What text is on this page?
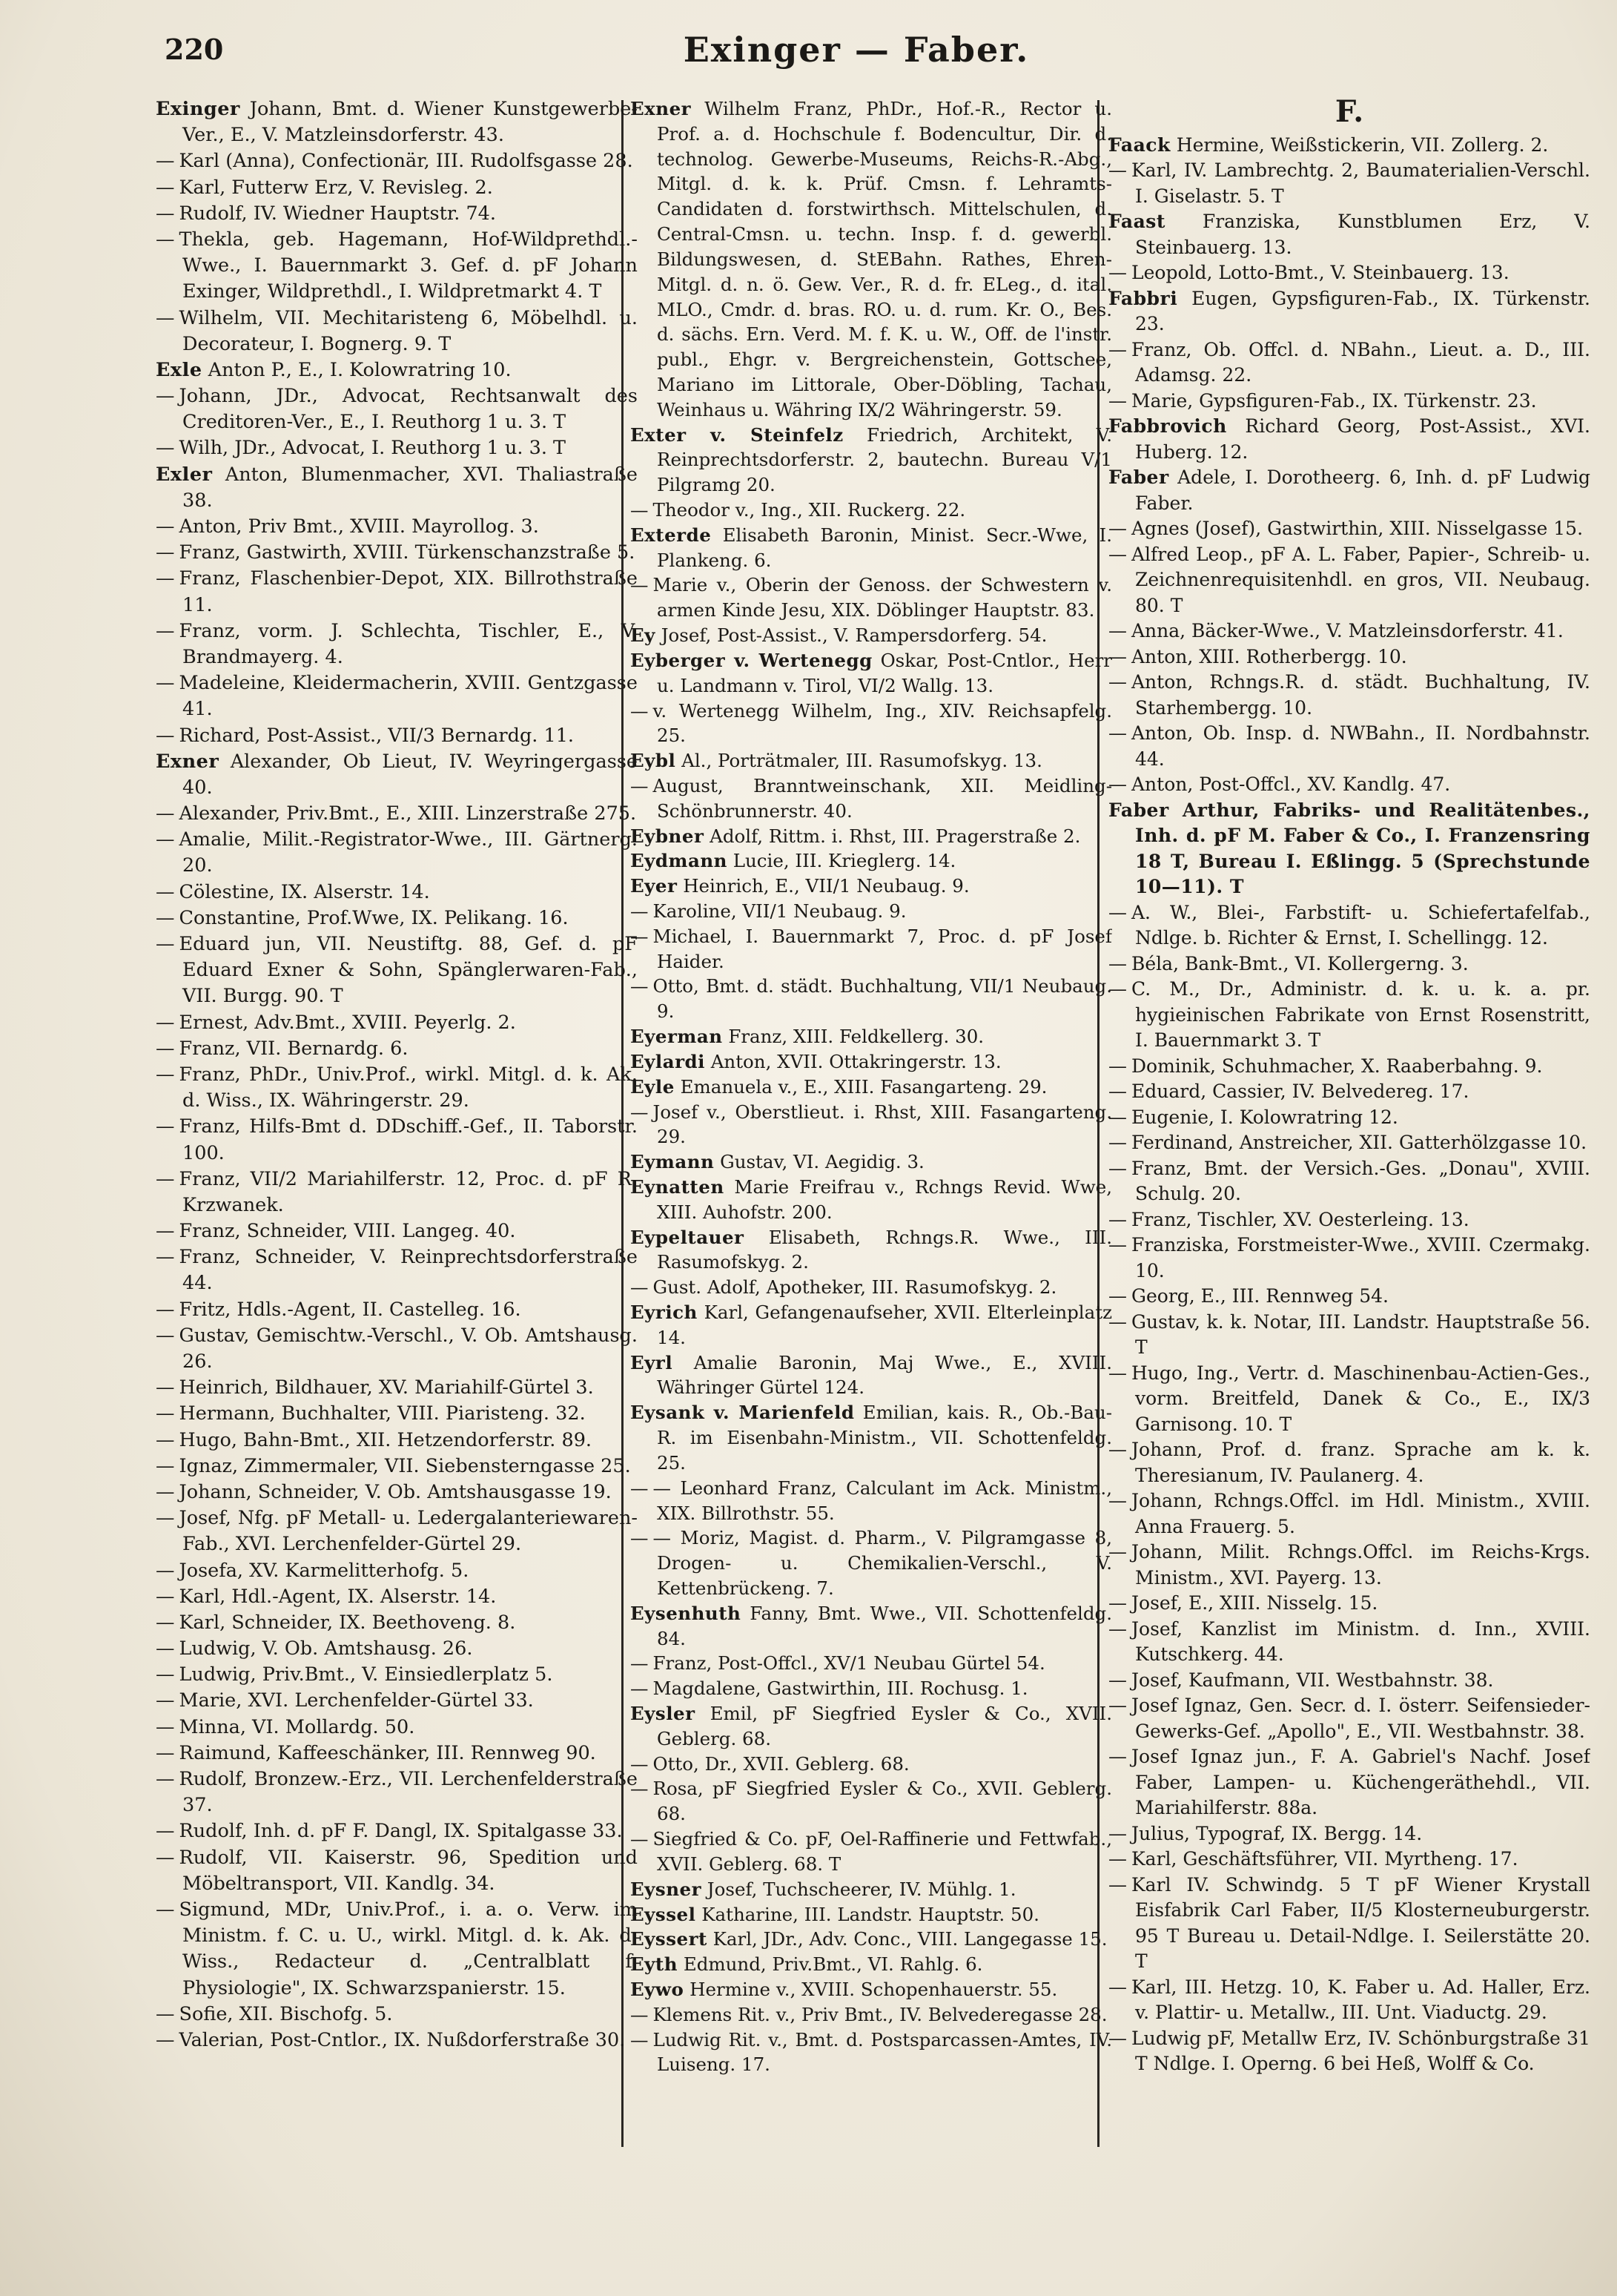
220	Exinger — Faber.

Exinger Johann, Bmt. d. Wiener Kunstgewerbe-Ver., E., V. Matzleinsdorferstr. 43.

— Karl (Anna), Confectionär, III. Rudolfsgasse 28.

— Karl, Futterw Erz, V. Revisleg. 2.

— Rudolf, IV. Wiedner Hauptstr. 74.

— Thekla, geb. Hagemann, Hof-Wildprethdl.-Wwe., I. Bauernmarkt 3. Gef. d. pF Johann Exinger, Wildprethdl., I. Wildpretmarkt 4. T

— Wilhelm, VII. Mechitaristeng 6, Möbelhdl. u. Decorateur, I. Bognerg. 9. T

Exle Anton P., E., I. Kolowratring 10.

— Johann, JDr., Advocat, Rechtsanwalt des Creditoren-Ver., E., I. Reuthorg 1 u. 3. T

— Wilh, JDr., Advocat, I. Reuthorg 1 u. 3. T

Exler Anton, Blumenmacher, XVI. Thaliastraße 38.

— Anton, Priv Bmt., XVIII. Mayrollog. 3.

— Franz, Gastwirth, XVIII. Türkenschanzstraße 5.

— Franz, Flaschenbier-Depot, XIX. Billrothstraße 11.

— Franz, vorm. J. Schlechta, Tischler, E., V. Brandmayerg. 4.

— Madeleine, Kleidermacherin, XVIII. Gentzgasse 41.

— Richard, Post-Assist., VII/3 Bernardg. 11.

Exner Alexander, Ob Lieut, IV. Weyringergasse 40.

— Alexander, Priv.Bmt., E., XIII. Linzerstraße 275.

— Amalie, Milit.-Registrator-Wwe., III. Gärtnerg. 20.

— Cölestine, IX. Alserstr. 14.

— Constantine, Prof.Wwe, IX. Pelikang. 16.

— Eduard jun, VII. Neustiftg. 88, Gef. d. pF Eduard Exner & Sohn, Spänglerwaren-Fab., VII. Burgg. 90. T

— Ernest, Adv.Bmt., XVIII. Peyerlg. 2.

— Franz, VII. Bernardg. 6.

— Franz, PhDr., Univ.Prof., wirkl. Mitgl. d. k. Ak. d. Wiss., IX. Währingerstr. 29.

— Franz, Hilfs-Bmt d. DDschiff.-Gef., II. Taborstr. 100.

— Franz, VII/2 Mariahilferstr. 12, Proc. d. pF R. Krzwanek.

— Franz, Schneider, VIII. Langeg. 40.

— Franz, Schneider, V. Reinprechtsdorferstraße 44.

— Fritz, Hdls.-Agent, II. Castelleg. 16.

— Gustav, Gemischtw.-Verschl., V. Ob. Amtshausg. 26.

— Heinrich, Bildhauer, XV. Mariahilf-Gürtel 3.

— Hermann, Buchhalter, VIII. Piaristeng. 32.

— Hugo, Bahn-Bmt., XII. Hetzendorferstr. 89.

— Ignaz, Zimmermaler, VII. Siebensterngasse 25.

— Johann, Schneider, V. Ob. Amtshausgasse 19.

— Josef, Nfg. pF Metall- u. Ledergalanteriewaren-Fab., XVI. Lerchenfelder-Gürtel 29.

— Josefa, XV. Karmelitterhofg. 5.

— Karl, Hdl.-Agent, IX. Alserstr. 14.

— Karl, Schneider, IX. Beethoveng. 8.

— Ludwig, V. Ob. Amtshausg. 26.

— Ludwig, Priv.Bmt., V. Einsiedlerplatz 5.

— Marie, XVI. Lerchenfelder-Gürtel 33.

— Minna, VI. Mollardg. 50.

— Raimund, Kaffeeschänker, III. Rennweg 90.

— Rudolf, Bronzew.-Erz., VII. Lerchenfelderstraße 37.

— Rudolf, Inh. d. pF F. Dangl, IX. Spitalgasse 33.

— Rudolf, VII. Kaiserstr. 96, Spedition und Möbeltransport, VII. Kandlg. 34.

— Sigmund, MDr, Univ.Prof., i. a. o. Verw. im Ministm. f. C. u. U., wirkl. Mitgl. d. k. Ak. d. Wiss., Redacteur d. „Centralblatt f. Physiologie", IX. Schwarzspanierstr. 15.

— Sofie, XII. Bischofg. 5.

— Valerian, Post-Cntlor., IX. Nußdorferstraße 30.

Exner Wilhelm Franz, PhDr., Hof.-R., Rector u. Prof. a. d. Hochschule f. Bodencultur, Dir. d. technolog. Gewerbe-Museums, Reichs-R.-Abg., Mitgl. d. k. k. Prüf. Cmsn. f. Lehramts-Candidaten d. forstwirthsch. Mittelschulen, d. Central-Cmsn. u. techn. Insp. f. d. gewerbl. Bildungswesen, d. StEBahn. Rathes, Ehren-Mitgl. d. n. ö. Gew. Ver., R. d. fr. ELeg., d. ital. MLO., Cmdr. d. bras. RO. u. d. rum. Kr. O., Bes. d. sächs. Ern. Verd. M. f. K. u. W., Off. de l'instr. publ., Ehgr. v. Bergreichenstein, Gottschee, Mariano im Littorale, Ober-Döbling, Tachau, Weinhaus u. Währing IX/2 Währingerstr. 59.

Exter v. Steinfelz Friedrich, Architekt, V. Reinprechtsdorferstr. 2, bautechn. Bureau V/1 Pilgramg 20.

— Theodor v., Ing., XII. Ruckerg. 22.

Exterde Elisabeth Baronin, Minist. Secr.-Wwe, I. Plankeng. 6.

— Marie v., Oberin der Genoss. der Schwestern v. armen Kinde Jesu, XIX. Döblinger Hauptstr. 83.

Ey Josef, Post-Assist., V. Rampersdorferg. 54.

Eyberger v. Wertenegg Oskar, Post-Cntlor., Herr u. Landmann v. Tirol, VI/2 Wallg. 13.

— v. Wertenegg Wilhelm, Ing., XIV. Reichsapfelg. 25.

Eybl Al., Porträtmaler, III. Rasumofskyg. 13.

— August, Branntweinschank, XII. Meidling-Schönbrunnerstr. 40.

Eybner Adolf, Rittm. i. Rhst, III. Pragerstraße 2.

Eydmann Lucie, III. Krieglerg. 14.

Eyer Heinrich, E., VII/1 Neubaug. 9.

— Karoline, VII/1 Neubaug. 9.

— Michael, I. Bauernmarkt 7, Proc. d. pF Josef Haider.

— Otto, Bmt. d. städt. Buchhaltung, VII/1 Neubaug. 9.

Eyerman Franz, XIII. Feldkellerg. 30.

Eylardi Anton, XVII. Ottakringerstr. 13.

Eyle Emanuela v., E., XIII. Fasangarteng. 29.

— Josef v., Oberstlieut. i. Rhst, XIII. Fasangarteng. 29.

Eymann Gustav, VI. Aegidig. 3.

Eynatten Marie Freifrau v., Rchngs Revid. Wwe, XIII. Auhofstr. 200.

Eypeltauer Elisabeth, Rchngs.R. Wwe., III. Rasumofskyg. 2.

— Gust. Adolf, Apotheker, III. Rasumofskyg. 2.

Eyrich Karl, Gefangenaufseher, XVII. Elterleinplatz 14.

Eyrl Amalie Baronin, Maj Wwe., E., XVIII. Währinger Gürtel 124.

Eysank v. Marienfeld Emilian, kais. R., Ob.-Bau-R. im Eisenbahn-Ministm., VII. Schottenfeldg. 25.

— — Leonhard Franz, Calculant im Ack. Ministm., XIX. Billrothstr. 55.

— — Moriz, Magist. d. Pharm., V. Pilgramgasse 8, Drogen- u. Chemikalien-Verschl., V. Kettenbrückeng. 7.

Eysenhuth Fanny, Bmt. Wwe., VII. Schottenfeldg. 84.

— Franz, Post-Offcl., XV/1 Neubau Gürtel 54.

— Magdalene, Gastwirthin, III. Rochusg. 1.

Eysler Emil, pF Siegfried Eysler & Co., XVII. Geblerg. 68.

— Otto, Dr., XVII. Geblerg. 68.

— Rosa, pF Siegfried Eysler & Co., XVII. Geblerg. 68.

— Siegfried & Co. pF, Oel-Raffinerie und Fettwfab., XVII. Geblerg. 68. T

Eysner Josef, Tuchscheerer, IV. Mühlg. 1.

Eyssel Katharine, III. Landstr. Hauptstr. 50.

Eyssert Karl, JDr., Adv. Conc., VIII. Langegasse 15.

Eyth Edmund, Priv.Bmt., VI. Rahlg. 6.

Eywo Hermine v., XVIII. Schopenhauerstr. 55.

— Klemens Rit. v., Priv Bmt., IV. Belvederegasse 28.

— Ludwig Rit. v., Bmt. d. Postsparcassen-Amtes, IV. Luiseng. 17.

F.

Faack Hermine, Weißstickerin, VII. Zollerg. 2.

— Karl, IV. Lambrechtg. 2, Baumaterialien-Verschl. I. Giselastr. 5. T

Faast Franziska, Kunstblumen Erz, V. Steinbauerg. 13.

— Leopold, Lotto-Bmt., V. Steinbauerg. 13.

Fabbri Eugen, Gypsfiguren-Fab., IX. Türkenstr. 23.

— Franz, Ob. Offcl. d. NBahn., Lieut. a. D., III. Adamsg. 22.

— Marie, Gypsfiguren-Fab., IX. Türkenstr. 23.

Fabbrovich Richard Georg, Post-Assist., XVI. Huberg. 12.

Faber Adele, I. Dorotheerg. 6, Inh. d. pF Ludwig Faber.

— Agnes (Josef), Gastwirthin, XIII. Nisselgasse 15.

— Alfred Leop., pF A. L. Faber, Papier-, Schreib- u. Zeichnenrequisitenhdl. en gros, VII. Neubaug. 80. T

— Anna, Bäcker-Wwe., V. Matzleinsdorferstr. 41.

— Anton, XIII. Rotherbergg. 10.

— Anton, Rchngs.R. d. städt. Buchhaltung, IV. Starhembergg. 10.

— Anton, Ob. Insp. d. NWBahn., II. Nordbahnstr. 44.

— Anton, Post-Offcl., XV. Kandlg. 47.

Faber Arthur, Fabriks- und Realitätenbes., Inh. d. pF M. Faber & Co., I. Franzensring 18 T, Bureau I. Eßlingg. 5 (Sprechstunde 10—11). T

— A. W., Blei-, Farbstift- u. Schiefertafelfab., Ndlge. b. Richter & Ernst, I. Schellingg. 12.

— Béla, Bank-Bmt., VI. Kollergerng. 3.

— C. M., Dr., Administr. d. k. u. k. a. pr. hygieinischen Fabrikate von Ernst Rosenstritt, I. Bauernmarkt 3. T

— Dominik, Schuhmacher, X. Raaberbahng. 9.

— Eduard, Cassier, IV. Belvedereg. 17.

— Eugenie, I. Kolowratring 12.

— Ferdinand, Anstreicher, XII. Gatterhölzgasse 10.

— Franz, Bmt. der Versich.-Ges. „Donau", XVIII. Schulg. 20.

— Franz, Tischler, XV. Oesterleing. 13.

— Franziska, Forstmeister-Wwe., XVIII. Czermakg. 10.

— Georg, E., III. Rennweg 54.

— Gustav, k. k. Notar, III. Landstr. Hauptstraße 56. T

— Hugo, Ing., Vertr. d. Maschinenbau-Actien-Ges., vorm. Breitfeld, Danek & Co., E., IX/3 Garnisong. 10. T

— Johann, Prof. d. franz. Sprache am k. k. Theresianum, IV. Paulanerg. 4.

— Johann, Rchngs.Offcl. im Hdl. Ministm., XVIII. Anna Frauerg. 5.

— Johann, Milit. Rchngs.Offcl. im Reichs-Krgs. Ministm., XVI. Payerg. 13.

— Josef, E., XIII. Nisselg. 15.

— Josef, Kanzlist im Ministm. d. Inn., XVIII. Kutschkerg. 44.

— Josef, Kaufmann, VII. Westbahnstr. 38.

— Josef Ignaz, Gen. Secr. d. I. österr. Seifensieder-Gewerks-Gef. „Apollo", E., VII. Westbahnstr. 38.

— Josef Ignaz jun., F. A. Gabriel's Nachf. Josef Faber, Lampen- u. Küchengeräthehdl., VII. Mariahilferstr. 88a.

— Julius, Typograf, IX. Bergg. 14.

— Karl, Geschäftsführer, VII. Myrtheng. 17.

— Karl IV. Schwindg. 5 T pF Wiener Krystall Eisfabrik Carl Faber, II/5 Klosterneuburgerstr. 95 T Bureau u. Detail-Ndlge. I. Seilerstätte 20. T

— Karl, III. Hetzg. 10, K. Faber u. Ad. Haller, Erz. v. Plattir- u. Metallw., III. Unt. Viaductg. 29.

— Ludwig pF, Metallw Erz, IV. Schönburgstraße 31 T Ndlge. I. Operng. 6 bei Heß, Wolff & Co.
